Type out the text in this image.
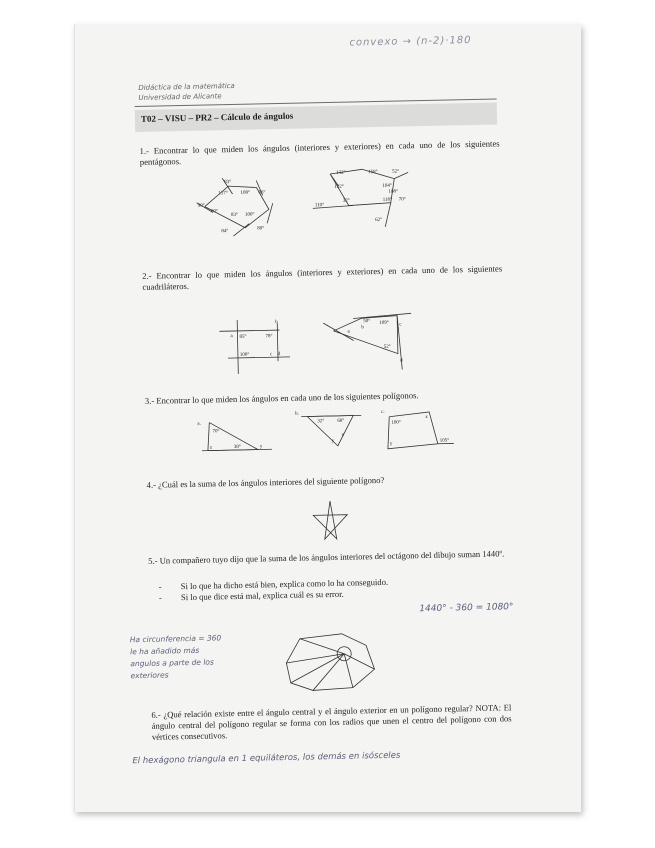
convexo → (n-2)·180
Didáctica de la matemática
Universidad de Alicante
T02 – VISU – PR2 – Cálculo de ángulos
1.- Encontrar lo que miden los ángulos (interiores y exteriores) en cada uno de los siguientes pentágonos.
83°
117°	108° 66°
90°
60°
83° 100°
84°
80°
132°	158°	52°
102°	104°
108°
110°
32°	118° 70°
62°
2.- Encontrar lo que miden los ángulos (interiores y exteriores) en cada uno de los siguientes cuadriláteros.
85°	78°
a
b
100°	d
c
50° 109°
52°
a
b
c
d
3.- Encontrar lo que miden los ángulos en cada uno de los siguientes polígonos.
a.
70°
38°	y
z
b.
32°	68°
z
y
c.
100°
x
y
105°
4.- ¿Cuál es la suma de los ángulos interiores del siguiente polígono?
5.- Un compañero tuyo dijo que la suma de los ángulos interiores del octágono del dibujo suman 1440º.
-	Si lo que ha dicho está bien, explica como lo ha conseguido.
-	Si lo que dice está mal, explica cuál es su error.
1440° - 360 = 1080°
Ha circunferencia = 360
le ha añadido más
angulos a parte de los
exteriores
6.- ¿Qué relación existe entre el ángulo central y el ángulo exterior en un polígono regular? NOTA: El ángulo central del polígono regular se forma con los radios que unen el centro del polígono con dos vértices consecutivos.
El hexágono triangula en 1 equiláteros, los demás en isósceles
